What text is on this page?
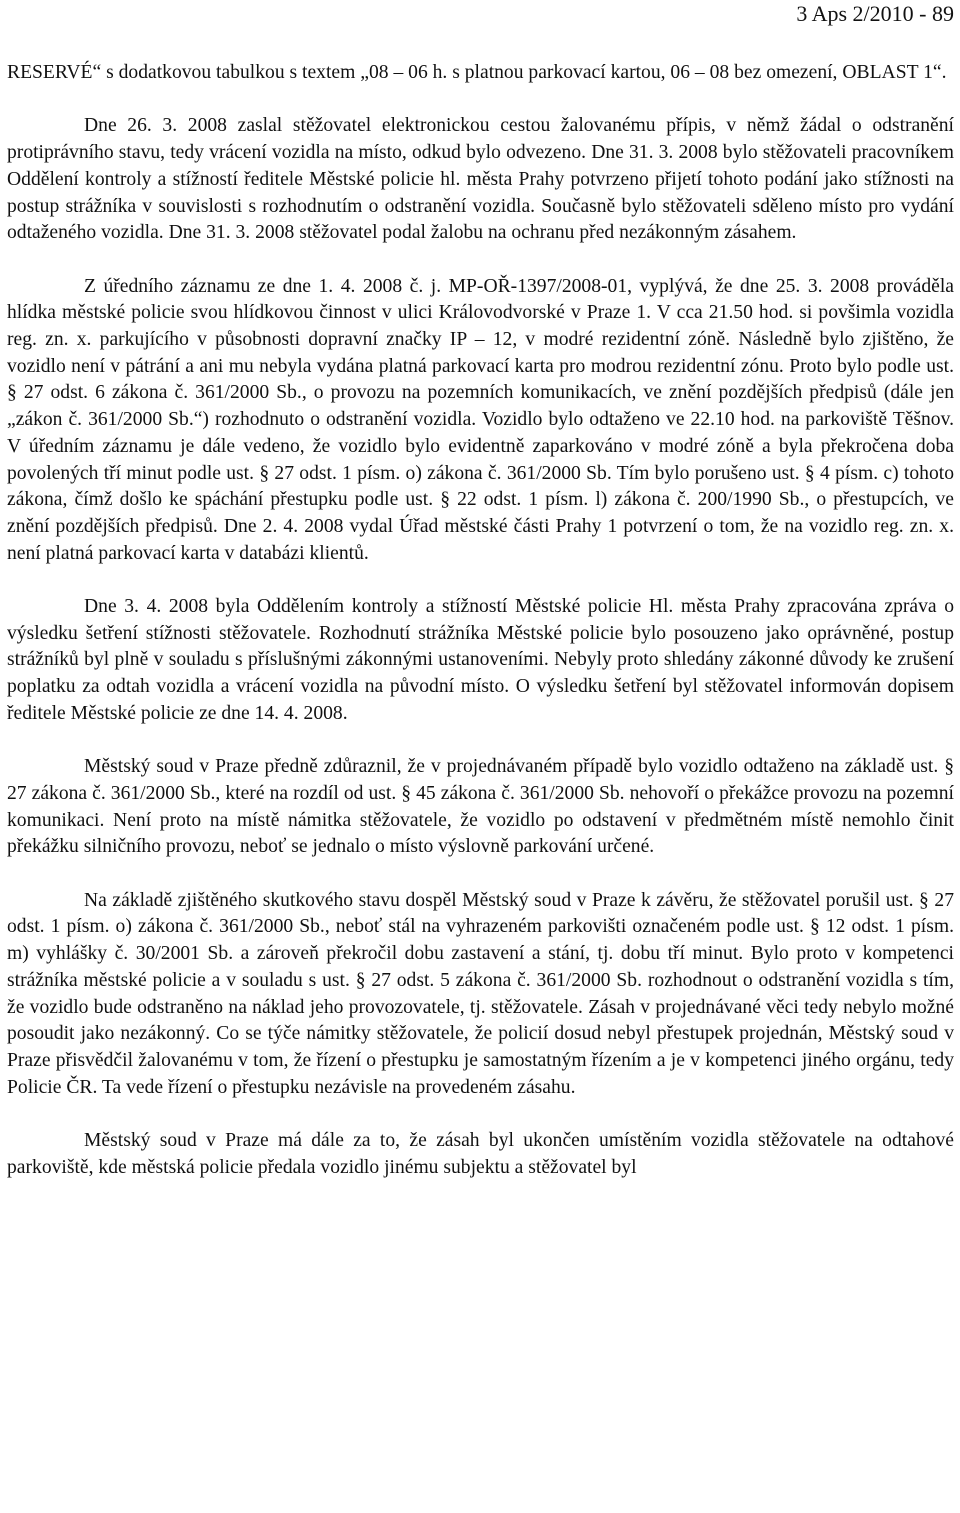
3 Aps 2/2010 - 89

RESERVÉ“ s dodatkovou tabulkou s textem „08 – 06 h. s platnou parkovací kartou, 06 – 08 bez omezení, OBLAST 1“.

Dne 26. 3. 2008 zaslal stěžovatel elektronickou cestou žalovanému přípis, v němž žádal o odstranění protiprávního stavu, tedy vrácení vozidla na místo, odkud bylo odvezeno. Dne 31. 3. 2008 bylo stěžovateli pracovníkem Oddělení kontroly a stížností ředitele Městské policie hl. města Prahy potvrzeno přijetí tohoto podání jako stížnosti na postup strážníka v souvislosti s rozhodnutím o odstranění vozidla. Současně bylo stěžovateli sděleno místo pro vydání odtaženého vozidla. Dne 31. 3. 2008 stěžovatel podal žalobu na ochranu před nezákonným zásahem.

Z úředního záznamu ze dne 1. 4. 2008 č. j. MP-OŘ-1397/2008-01, vyplývá, že dne 25. 3. 2008 prováděla hlídka městské policie svou hlídkovou činnost v ulici Královodvorské v Praze 1. V cca 21.50 hod. si povšimla vozidla reg. zn. x. parkujícího v působnosti dopravní značky IP – 12, v modré rezidentní zóně. Následně bylo zjištěno, že vozidlo není v pátrání a ani mu nebyla vydána platná parkovací karta pro modrou rezidentní zónu. Proto bylo podle ust. § 27 odst. 6 zákona č. 361/2000 Sb., o provozu na pozemních komunikacích, ve znění pozdějších předpisů (dále jen „zákon č. 361/2000 Sb.“) rozhodnuto o odstranění vozidla. Vozidlo bylo odtaženo ve 22.10 hod. na parkoviště Těšnov. V úředním záznamu je dále vedeno, že vozidlo bylo evidentně zaparkováno v modré zóně a byla překročena doba povolených tří minut podle ust. § 27 odst. 1 písm. o) zákona č. 361/2000 Sb. Tím bylo porušeno ust. § 4 písm. c) tohoto zákona, čímž došlo ke spáchání přestupku podle ust. § 22 odst. 1 písm. l) zákona č. 200/1990 Sb., o přestupcích, ve znění pozdějších předpisů. Dne 2. 4. 2008 vydal Úřad městské části Prahy 1 potvrzení o tom, že na vozidlo reg. zn. x. není platná parkovací karta v databázi klientů.

Dne 3. 4. 2008 byla Oddělením kontroly a stížností Městské policie Hl. města Prahy zpracována zpráva o výsledku šetření stížnosti stěžovatele. Rozhodnutí strážníka Městské policie bylo posouzeno jako oprávněné, postup strážníků byl plně v souladu s příslušnými zákonnými ustanoveními. Nebyly proto shledány zákonné důvody ke zrušení poplatku za odtah vozidla a vrácení vozidla na původní místo. O výsledku šetření byl stěžovatel informován dopisem ředitele Městské policie ze dne 14. 4. 2008.

Městský soud v Praze předně zdůraznil, že v projednávaném případě bylo vozidlo odtaženo na základě ust. § 27 zákona č. 361/2000 Sb., které na rozdíl od ust. § 45 zákona č. 361/2000 Sb. nehovoří o překážce provozu na pozemní komunikaci. Není proto na místě námitka stěžovatele, že vozidlo po odstavení v předmětném místě nemohlo činit překážku silničního provozu, neboť se jednalo o místo výslovně parkování určené.

Na základě zjištěného skutkového stavu dospěl Městský soud v Praze k závěru, že stěžovatel porušil ust. § 27 odst. 1 písm. o) zákona č. 361/2000 Sb., neboť stál na vyhrazeném parkovišti označeném podle ust. § 12 odst. 1 písm. m) vyhlášky č. 30/2001 Sb. a zároveň překročil dobu zastavení a stání, tj. dobu tří minut. Bylo proto v kompetenci strážníka městské policie a v souladu s ust. § 27 odst. 5 zákona č. 361/2000 Sb. rozhodnout o odstranění vozidla s tím, že vozidlo bude odstraněno na náklad jeho provozovatele, tj. stěžovatele. Zásah v projednávané věci tedy nebylo možné posoudit jako nezákonný. Co se týče námitky stěžovatele, že policií dosud nebyl přestupek projednán, Městský soud v Praze přisvědčil žalovanému v tom, že řízení o přestupku je samostatným řízením a je v kompetenci jiného orgánu, tedy Policie ČR. Ta vede řízení o přestupku nezávisle na provedeném zásahu.

Městský soud v Praze má dále za to, že zásah byl ukončen umístěním vozidla stěžovatele na odtahové parkoviště, kde městská policie předala vozidlo jinému subjektu a stěžovatel byl
